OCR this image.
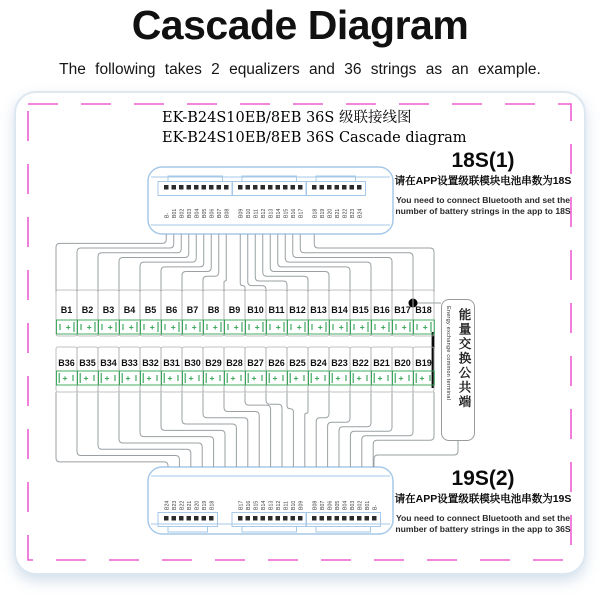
Cascade Diagram
The following takes 2 equalizers and 36 strings as an example.
B- B01 B02 B03 B04 B05 B06 B07 B08 B09 B10 B11 B12 B13 B14 B15 B16 B17 B18 B19 B20 B21 B22 B23 B24
B24 B23 B22 B21 B20 B19 B18	B17 B16 B15 B14 B13 B12 B11 B10 B09 B08 B07 B06 B05 B04 B03 B02 B01 B-
B1
+
B2
+
B3
+
B4
+
B5
+
B6
+
B7
+
B8
+
B9
+
B10
+
B11
+
B12
+
B13
+
B14
+
B15
+
B16
+
B17
+
B18
+
B36
+
B35
+
B34
+
B33
+
B32
+
B31
+
B30
+
B29
+
B28
+
B27
+
B26
+
B25
+
B24
+
B23
+
B22
+
B21
+
B20
+
B19
+
EK-B24S10EB/8EB 36S 级联接线图
EK-B24S10EB/8EB 36S Cascade diagram
18S(1)
请在APP设置级联模块电池串数为18S
You need to connect Bluetooth and set the
number of battery strings in the app to 18S
19S(2)
请在APP设置级联模块电池串数为19S
You need to connect Bluetooth and set the
number of battery strings in the app to 36S
Energy exchange common terminal 能量交换公共端
